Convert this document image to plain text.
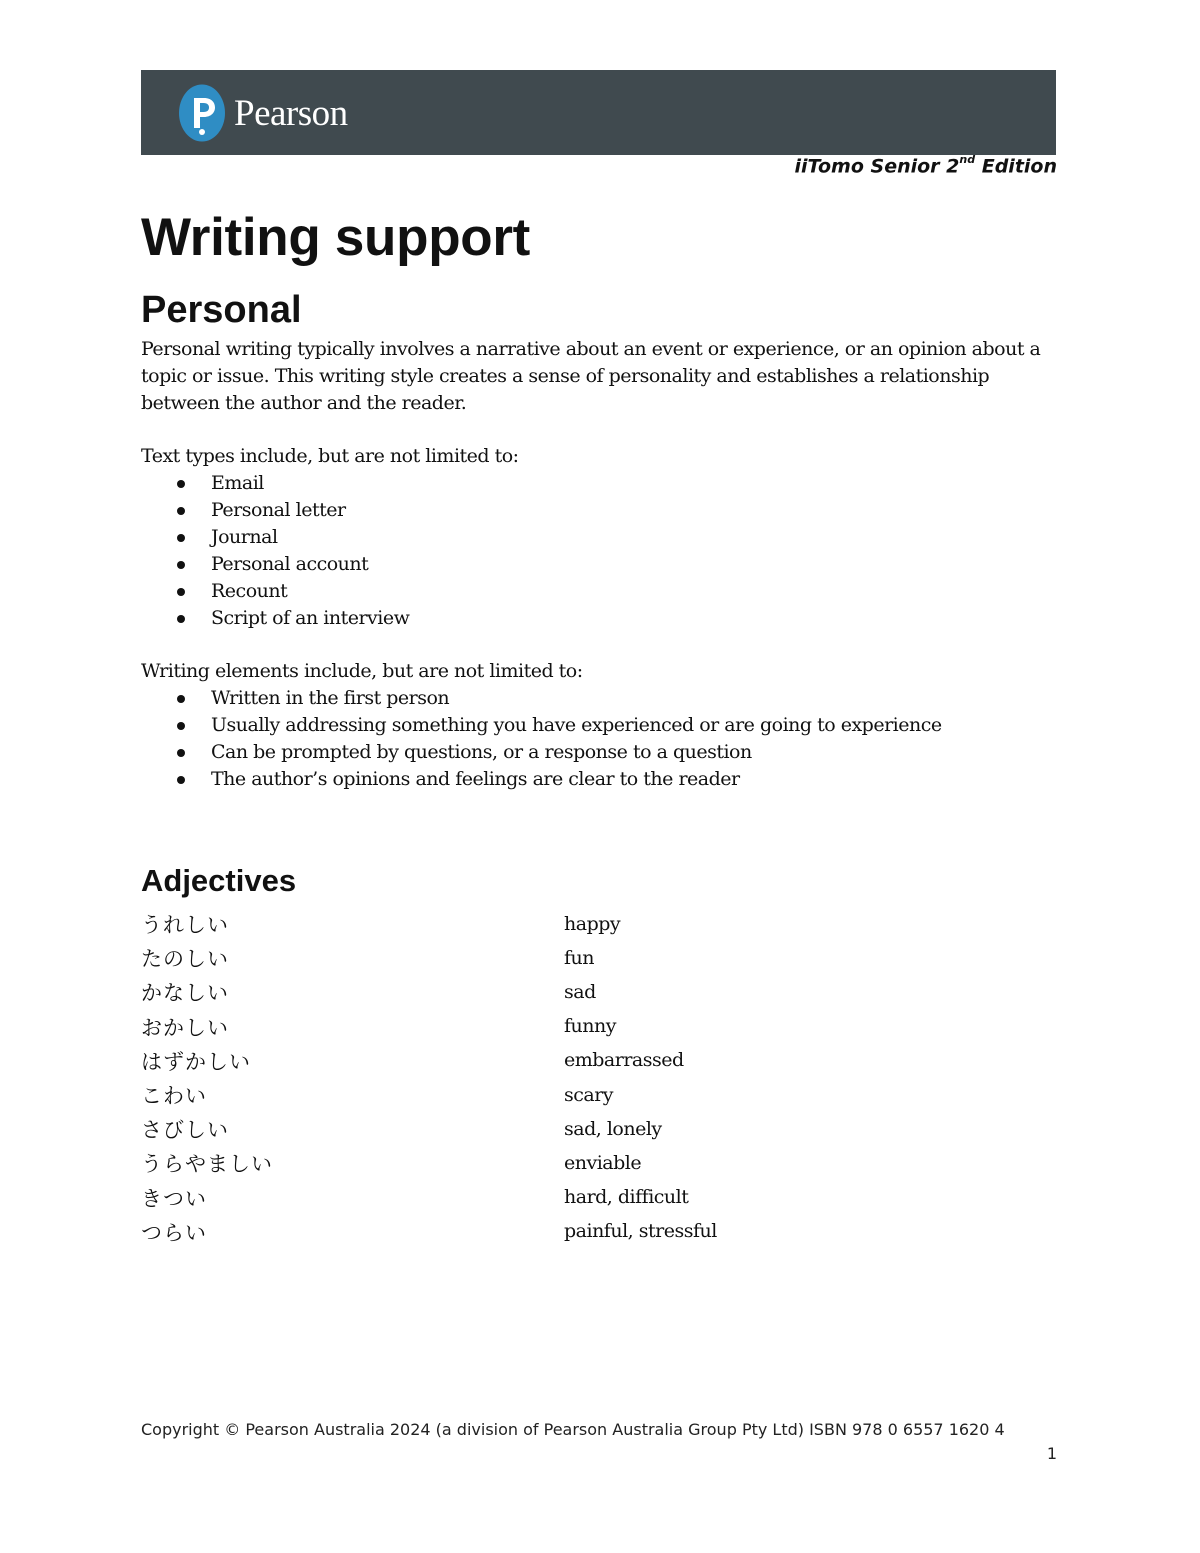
Pearson
iiTomo Senior 2nd Edition
Writing support
Personal

Personal writing typically involves a narrative about an event or experience, or an opinion about a topic or issue. This writing style creates a sense of personality and establishes a relationship between the author and the reader.

Text types include, but are not limited to:

Email
Personal letter
Journal
Personal account
Recount
Script of an interview

Writing elements include, but are not limited to:

Written in the first person
Usually addressing something you have experienced or are going to experience
Can be prompted by questions, or a response to a question
The author’s opinions and feelings are clear to the reader
Adjectives
うれしい	happy
たのしい	fun
かなしい	sad
おかしい	funny
はずかしい	embarrassed
こわい	scary
さびしい	sad, lonely
うらやましい	enviable
きつい	hard, difficult
つらい	painful, stressful
Copyright © Pearson Australia 2024 (a division of Pearson Australia Group Pty Ltd) ISBN 978 0 6557 1620 4
1
